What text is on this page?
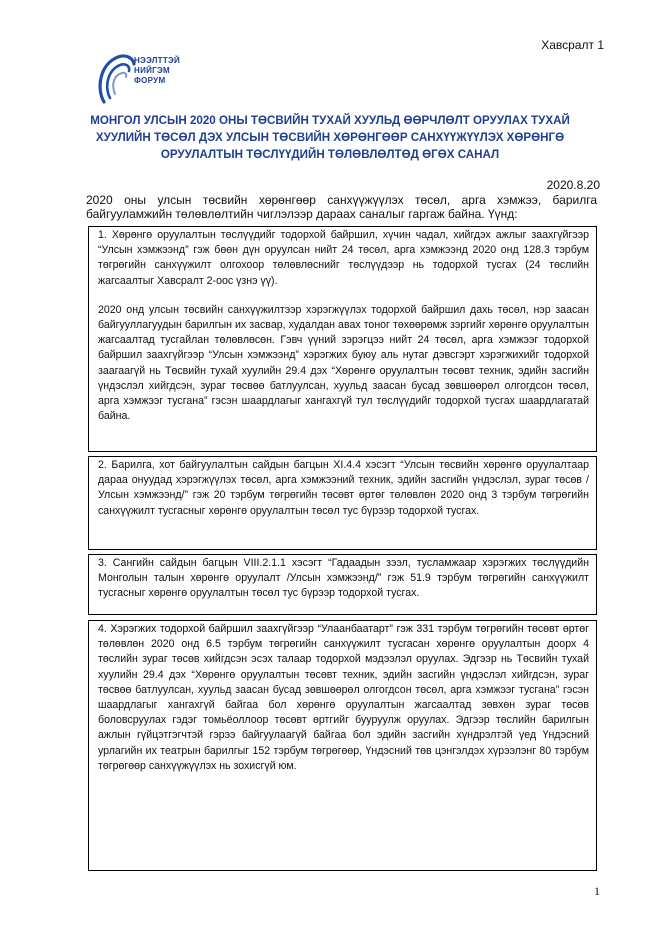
Хавсралт 1
НЭЭЛТТЭЙ
НИЙГЭМ
ФОРУМ
МОНГОЛ УЛСЫН 2020 ОНЫ ТӨСВИЙН ТУХАЙ ХУУЛЬД ӨӨРЧЛӨЛТ ОРУУЛАХ ТУХАЙ
ХУУЛИЙН ТӨСӨЛ ДЭХ УЛСЫН ТӨСВИЙН ХӨРӨНГӨӨР САНХҮҮЖҮҮЛЭХ ХӨРӨНГӨ
ОРУУЛАЛТЫН ТӨСЛҮҮДИЙН ТӨЛӨВЛӨЛТӨД ӨГӨХ САНАЛ
2020.8.20
2020 оны улсын төсвийн хөрөнгөөр санхүүжүүлэх төсөл, арга хэмжээ, барилга байгууламжийн төлөвлөлтийн чиглэлээр дараах саналыг гаргаж байна. Үүнд:

1. Хөрөнгө оруулалтын төслүүдийг тодорхой байршил, хүчин чадал, хийгдэх ажлыг заахгүйгээр “Улсын хэмжээнд” гэж бөөн дүн оруулсан нийт 24 төсөл, арга хэмжээнд 2020 онд 128.3 тэрбум төгрөгийн санхүүжилт олгохоор төлөвлөснийг төслүүдээр нь тодорхой тусгах (24 төслийн жагсаалтыг Хавсралт 2-оос үзнэ үү).

2020 онд улсын төсвийн санхүүжилтээр хэрэгжүүлэх тодорхой байршил дахь төсөл, нэр заасан байгууллагуудын барилгын их засвар, худалдан авах тоног төхөөрөмж зэргийг хөрөнгө оруулалтын жагсаалтад тусгайлан төлөвлөсөн. Гэвч үүний зэрэгцээ нийт 24 төсөл, арга хэмжээг тодорхой байршил заахгүйгээр “Улсын хэмжээнд” хэрэгжих буюу аль нутаг дэвсгэрт хэрэгжихийг тодорхой заагаагүй нь Төсвийн тухай хуулийн 29.4 дэх “Хөрөнгө оруулалтын төсөвт техник, эдийн засгийн үндэслэл хийгдсэн, зураг төсвөө батлуулсан, хуульд заасан бусад зөвшөөрөл олгогдсон төсөл, арга хэмжээг тусгана” гэсэн шаардлагыг хангахгүй тул төслүүдийг тодорхой тусгах шаардлагатай байна.

2. Барилга, хот байгуулалтын сайдын багцын XI.4.4 хэсэгт “Улсын төсвийн хөрөнгө оруулалтаар дараа онуудад хэрэгжүүлэх төсөл, арга хэмжээний техник, эдийн засгийн үндэслэл, зураг төсөв /Улсын хэмжээнд/” гэж 20 тэрбум төгрөгийн төсөвт өртөг төлөвлөн 2020 онд 3 тэрбум төгрөгийн санхүүжилт тусгасныг хөрөнгө оруулалтын төсөл тус бүрээр тодорхой тусгах.

3. Сангийн сайдын багцын VIII.2.1.1 хэсэгт “Гадаадын зээл, тусламжаар хэрэгжих төслүүдийн Монголын талын хөрөнгө оруулалт /Улсын хэмжээнд/” гэж 51.9 тэрбум төгрөгийн санхүүжилт тусгасныг хөрөнгө оруулалтын төсөл тус бүрээр тодорхой тусгах.

4. Хэрэгжих тодорхой байршил заахгүйгээр “Улаанбаатарт” гэж 331 тэрбум төгрөгийн төсөвт өртөг төлөвлөн 2020 онд 6.5 тэрбум төгрөгийн санхүүжилт тусгасан хөрөнгө оруулалтын доорх 4 төслийн зураг төсөв хийгдсэн эсэх талаар тодорхой мэдээлэл оруулах. Эдгээр нь Төсвийн тухай хуулийн 29.4 дэх “Хөрөнгө оруулалтын төсөвт техник, эдийн засгийн үндэслэл хийгдсэн, зураг төсвөө батлуулсан, хуульд заасан бусад зөвшөөрөл олгогдсон төсөл, арга хэмжээг тусгана” гэсэн шаардлагыг хангахгүй байгаа бол хөрөнгө оруулалтын жагсаалтад зөвхөн зураг төсөв боловсруулах гэдэг томьёоллоор төсөвт өртгийг бууруулж оруулах. Эдгээр төслийн барилгын ажлын гүйцэтгэгчтэй гэрээ байгуулаагүй байгаа бол эдийн засгийн хүндрэлтэй үед Үндэсний урлагийн их театрын барилгыг 152 тэрбум төгрөгөөр, Үндэсний төв цэнгэлдэх хүрээлэнг 80 тэрбум төгрөгөөр санхүүжүүлэх нь зохисгүй юм.

1
